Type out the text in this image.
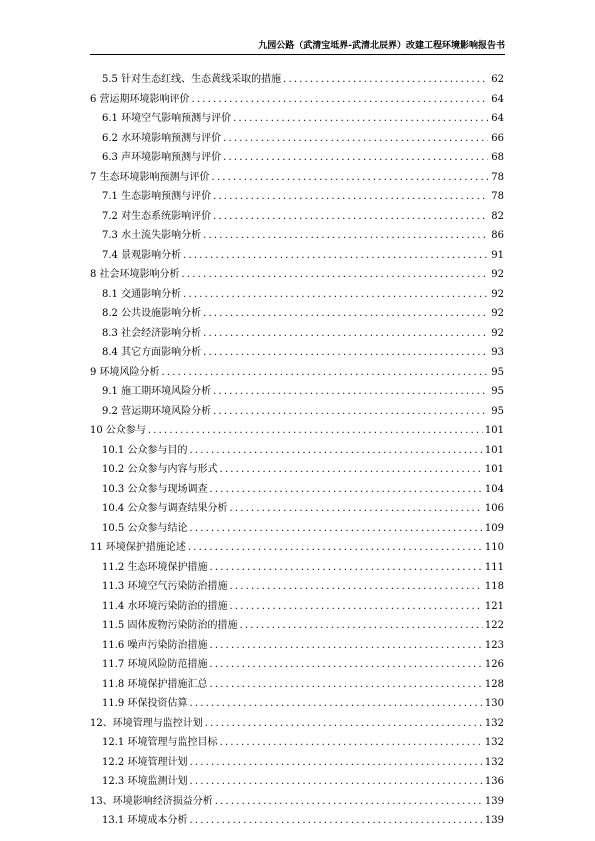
九园公路（武清宝坻界-武清北辰界）改建工程环境影响报告书
5.5 针对生态红线、生态黄线采取的措施 .....	62
6 营运期环境影响评价 .....	64
6.1 环境空气影响预测与评价 .....	64
6.2 水环境影响预测与评价 .....	66
6.3 声环境影响预测与评价 .....	68
7 生态环境影响预测与评价 .....	78
7.1 生态影响预测与评价 .....	78
7.2 对生态系统影响评价 .....	82
7.3 水土流失影响分析 .....	86
7.4 景观影响分析 .....	91
8 社会环境影响分析 .....	92
8.1 交通影响分析 .....	92
8.2 公共设施影响分析 .....	92
8.3 社会经济影响分析 .....	92
8.4 其它方面影响分析 .....	93
9 环境风险分析 .....	95
9.1 施工期环境风险分析 .....	95
9.2 营运期环境风险分析 .....	95
10 公众参与 .....	101
10.1 公众参与目的 .....	101
10.2 公众参与内容与形式 .....	101
10.3 公众参与现场调查 .....	104
10.4 公众参与调查结果分析 .....	106
10.5 公众参与结论 .....	109
11 环境保护措施论述 .....	110
11.2 生态环境保护措施 .....	111
11.3 环境空气污染防治措施 .....	118
11.4 水环境污染防治的措施 .....	121
11.5 固体废物污染防治的措施 .....	122
11.6 噪声污染防治措施 .....	123
11.7 环境风险防范措施 .....	126
11.8 环境保护措施汇总 .....	128
11.9 环保投资估算 .....	130
12、环境管理与监控计划 .....	132
12.1 环境管理与监控目标 .....	132
12.2 环境管理计划 .....	132
12.3 环境监测计划 .....	136
13、环境影响经济损益分析 .....	139
13.1 环境成本分析 .....	139
